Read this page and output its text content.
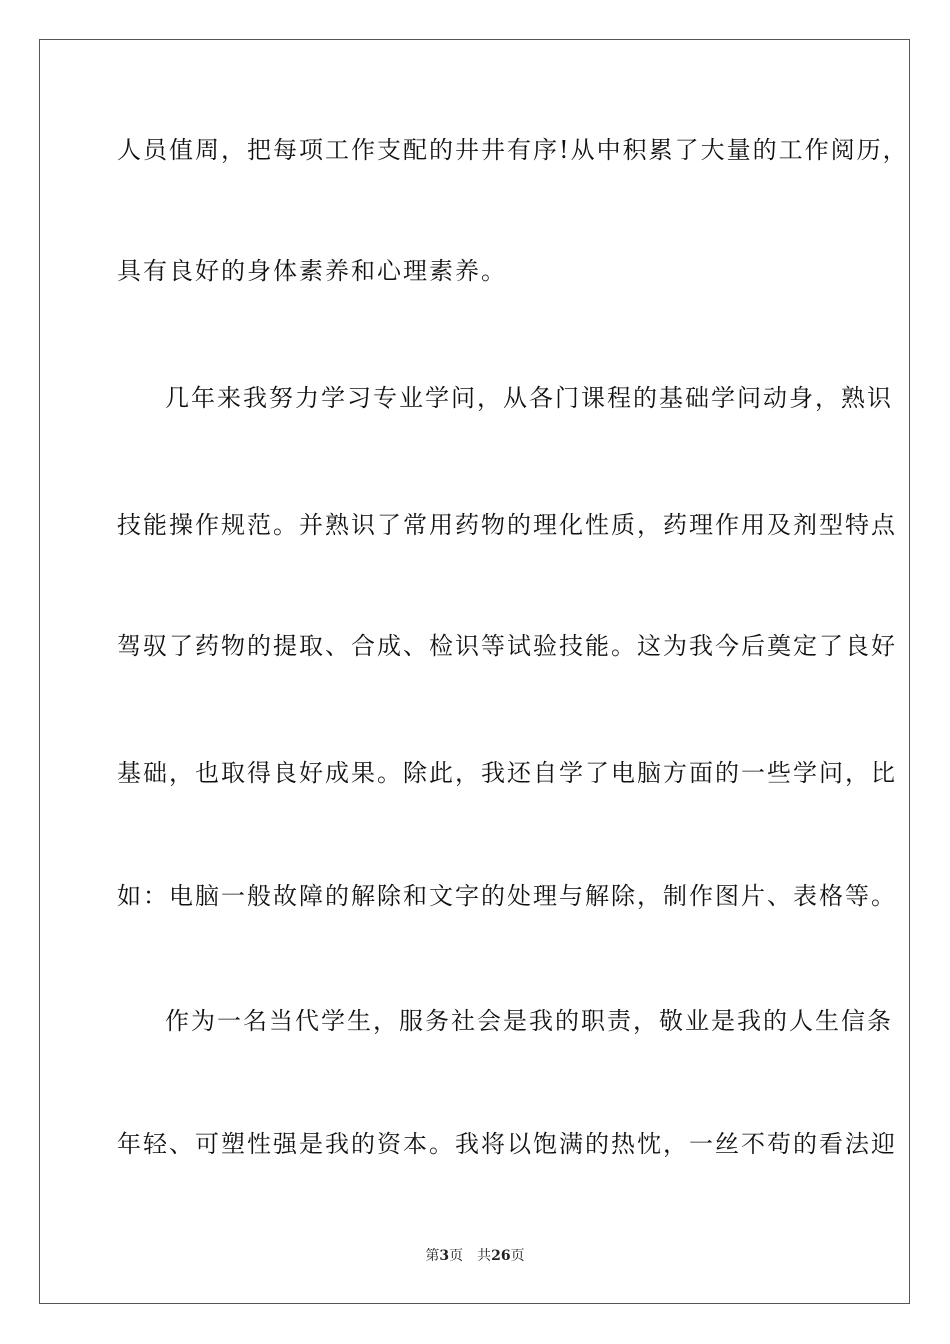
人员值周，把每项工作支配的井井有序!从中积累了大量的工作阅历，
具有良好的身体素养和心理素养。
几年来我努力学习专业学问，从各门课程的基础学问动身，熟识
技能操作规范。并熟识了常用药物的理化性质，药理作用及剂型特点
驾驭了药物的提取、合成、检识等试验技能。这为我今后奠定了良好
基础，也取得良好成果。除此，我还自学了电脑方面的一些学问，比
如：电脑一般故障的解除和文字的处理与解除，制作图片、表格等。
作为一名当代学生，服务社会是我的职责，敬业是我的人生信条
年轻、可塑性强是我的资本。我将以饱满的热忱，一丝不苟的看法迎
第3页 共26页
